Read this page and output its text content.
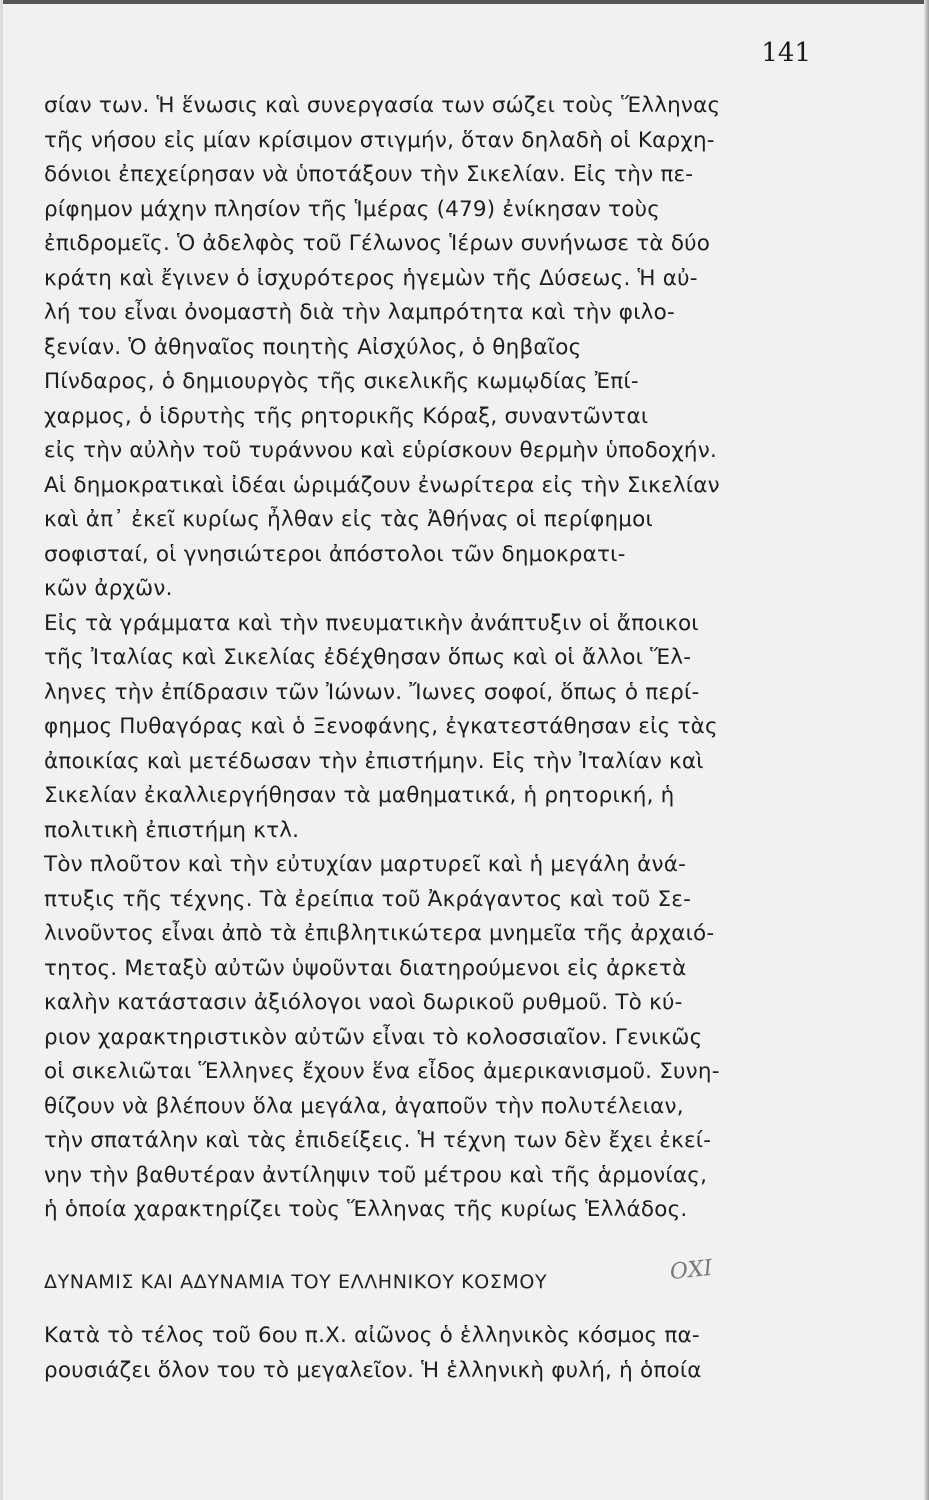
141
σίαν των. Ἡ ἕνωσις καὶ συνεργασία των σώζει τοὺς Ἕλληνας
τῆς νήσου εἰς μίαν κρίσιμον στιγμήν, ὅταν δηλαδὴ οἱ Καρχη-
δόνιοι ἐπεχείρησαν νὰ ὑποτάξουν τὴν Σικελίαν. Εἰς τὴν πε-
ρίφημον μάχην πλησίον τῆς Ἱμέρας (479) ἐνίκησαν τοὺς
ἐπιδρομεῖς. Ὁ ἀδελφὸς τοῦ Γέλωνος Ἱέρων συνήνωσε τὰ δύο
κράτη καὶ ἔγινεν ὁ ἰσχυρότερος ἡγεμὼν τῆς Δύσεως. Ἡ αὐ-
λή του εἶναι ὀνομαστὴ διὰ τὴν λαμπρότητα καὶ τὴν φιλο-
ξενίαν. Ὁ ἀθηναῖος ποιητὴς Αἰσχύλος, ὁ θηβαῖος
Πίνδαρος, ὁ δημιουργὸς τῆς σικελικῆς κωμῳδίας Ἐπί-
χαρμος, ὁ ἱδρυτὴς τῆς ρητορικῆς Κόραξ, συναντῶνται
εἰς τὴν αὐλὴν τοῦ τυράννου καὶ εὑρίσκουν θερμὴν ὑποδοχήν.
Αἱ δημοκρατικαὶ ἰδέαι ὡριμάζουν ἐνωρίτερα εἰς τὴν Σικελίαν
καὶ ἀπ᾽ ἐκεῖ κυρίως ἦλθαν εἰς τὰς Ἀθήνας οἱ περίφημοι
σοφισταί, οἱ γνησιώτεροι ἀπόστολοι τῶν δημοκρατι-
κῶν ἀρχῶν.
Εἰς τὰ γράμματα καὶ τὴν πνευματικὴν ἀνάπτυξιν οἱ ἄποικοι
τῆς Ἰταλίας καὶ Σικελίας ἐδέχθησαν ὅπως καὶ οἱ ἄλλοι Ἕλ-
ληνες τὴν ἐπίδρασιν τῶν Ἰώνων. Ἴωνες σοφοί, ὅπως ὁ περί-
φημος Πυθαγόρας καὶ ὁ Ξενοφάνης, ἐγκατεστάθησαν εἰς τὰς
ἀποικίας καὶ μετέδωσαν τὴν ἐπιστήμην. Εἰς τὴν Ἰταλίαν καὶ
Σικελίαν ἐκαλλιεργήθησαν τὰ μαθηματικά, ἡ ρητορική, ἡ
πολιτικὴ ἐπιστήμη κτλ.
Τὸν πλοῦτον καὶ τὴν εὐτυχίαν μαρτυρεῖ καὶ ἡ μεγάλη ἀνά-
πτυξις τῆς τέχνης. Τὰ ἐρείπια τοῦ Ἀκράγαντος καὶ τοῦ Σε-
λινοῦντος εἶναι ἀπὸ τὰ ἐπιβλητικώτερα μνημεῖα τῆς ἀρχαιό-
τητος. Μεταξὺ αὐτῶν ὑψοῦνται διατηρούμενοι εἰς ἀρκετὰ
καλὴν κατάστασιν ἀξιόλογοι ναοὶ δωρικοῦ ρυθμοῦ. Τὸ κύ-
ριον χαρακτηριστικὸν αὐτῶν εἶναι τὸ κολοσσιαῖον. Γενικῶς
οἱ σικελιῶται Ἕλληνες ἔχουν ἕνα εἶδος ἀμερικανισμοῦ. Συνη-
θίζουν νὰ βλέπουν ὅλα μεγάλα, ἀγαποῦν τὴν πολυτέλειαν,
τὴν σπατάλην καὶ τὰς ἐπιδείξεις. Ἡ τέχνη των δὲν ἔχει ἐκεί-
νην τὴν βαθυτέραν ἀντίληψιν τοῦ μέτρου καὶ τῆς ἁρμονίας,
ἡ ὁποία χαρακτηρίζει τοὺς Ἕλληνας τῆς κυρίως Ἑλλάδος.
ΔΥΝΑΜΙΣ ΚΑΙ ΑΔΥΝΑΜΙΑ ΤΟΥ ΕΛΛΗΝΙΚΟΥ ΚΟΣΜΟΥ	ΟΧΙ
Κατὰ τὸ τέλος τοῦ 6ου π.Χ. αἰῶνος ὁ ἑλληνικὸς κόσμος πα-
ρουσιάζει ὅλον του τὸ μεγαλεῖον. Ἡ ἑλληνικὴ φυλή, ἡ ὁποία
